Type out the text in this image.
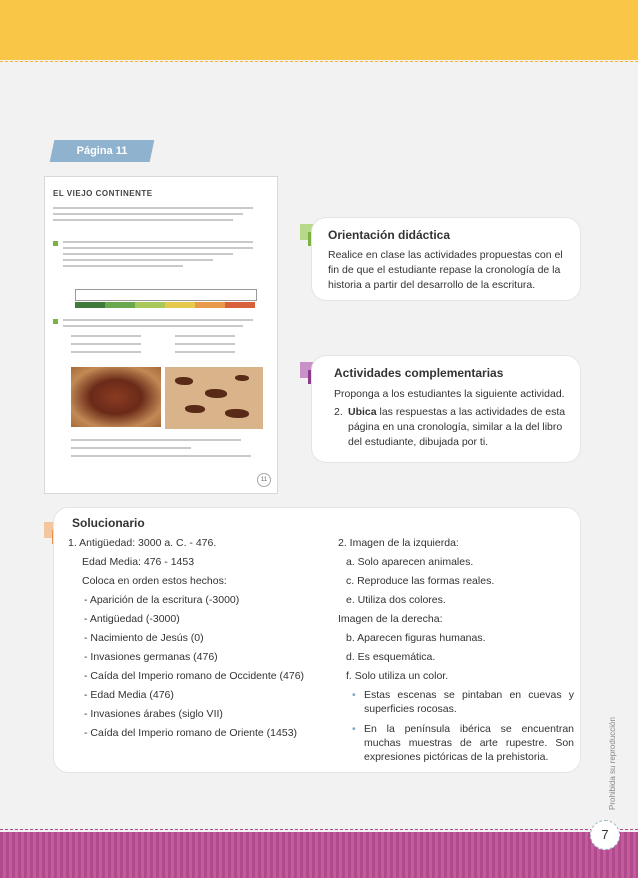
Página 11
EL VIEJO CONTINENTE
11
Orientación didáctica

Realice en clase las actividades propuestas con el fin de que el estudiante repase la cronología de la historia a partir del desarrollo de la escritura.

Actividades complementarias

Proponga a los estudiantes la siguiente actividad.

2. Ubica las respuestas a las actividades de esta página en una cronología, similar a la del libro del estudiante, dibujada por ti.
Solucionario
1. Antigüedad: 3000 a. C. - 476.
Edad Media: 476 - 1453
Coloca en orden estos hechos:
- Aparición de la escritura (-3000)
- Antigüedad (-3000)
- Nacimiento de Jesús (0)
- Invasiones germanas (476)
- Caída del Imperio romano de Occidente (476)
- Edad Media (476)
- Invasiones árabes (siglo VII)
- Caída del Imperio romano de Oriente (1453)
2. Imagen de la izquierda:
a. Solo aparecen animales.
c. Reproduce las formas reales.
e. Utiliza dos colores.
Imagen de la derecha:
b. Aparecen figuras humanas.
d. Es esquemática.
f. Solo utiliza un color.
• Estas escenas se pintaban en cuevas y superficies rocosas.
• En la península ibérica se encuentran muchas muestras de arte rupestre. Son expresiones pictóricas de la prehistoria.	Prohibida su reproducción
7
